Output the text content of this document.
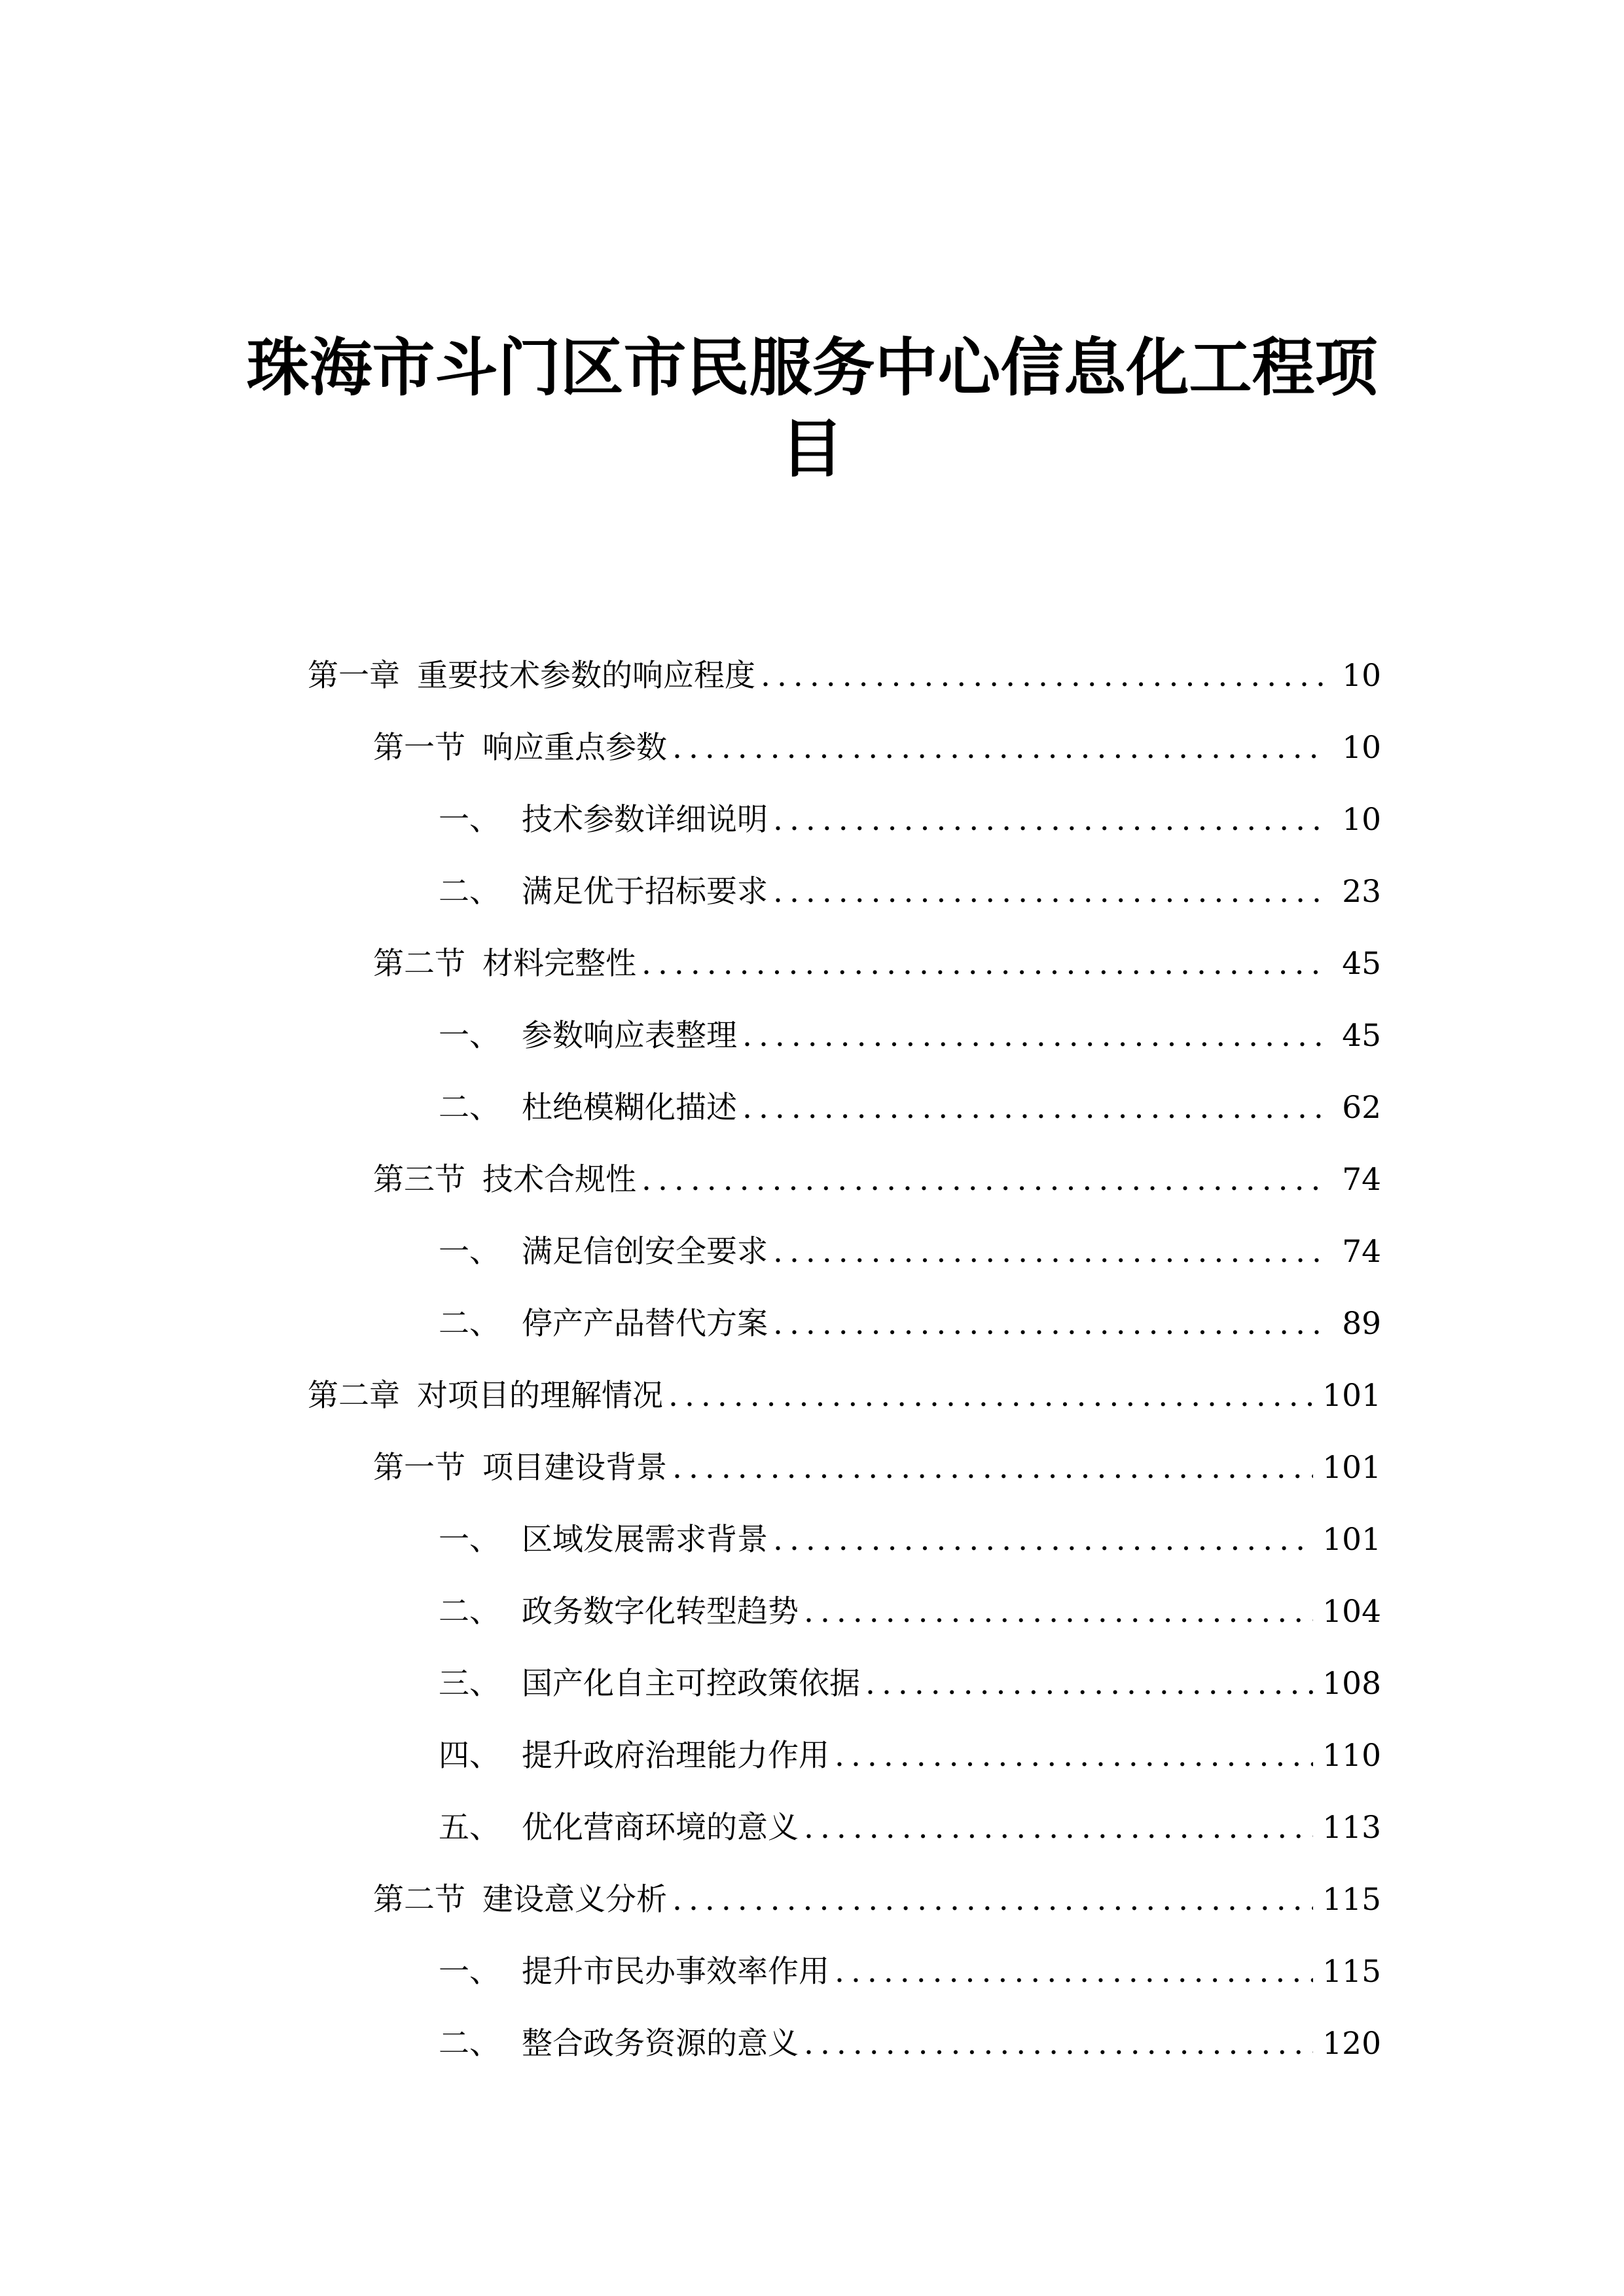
珠海市斗门区市民服务中心信息化工程项
目
第一章 重要技术参数的响应程度 .....	10
第一节 响应重点参数 .....	10
一、 技术参数详细说明 .....	10
二、 满足优于招标要求 .....	23
第二节 材料完整性 .....	45
一、 参数响应表整理 .....	45
二、 杜绝模糊化描述 .....	62
第三节 技术合规性 .....	74
一、 满足信创安全要求 .....	74
二、 停产产品替代方案 .....	89
第二章 对项目的理解情况 .....	101
第一节 项目建设背景 .....	101
一、 区域发展需求背景 .....	101
二、 政务数字化转型趋势 .....	104
三、 国产化自主可控政策依据 .....	108
四、 提升政府治理能力作用 .....	110
五、 优化营商环境的意义 .....	113
第二节 建设意义分析 .....	115
一、 提升市民办事效率作用 .....	115
二、 整合政务资源的意义 .....	120
